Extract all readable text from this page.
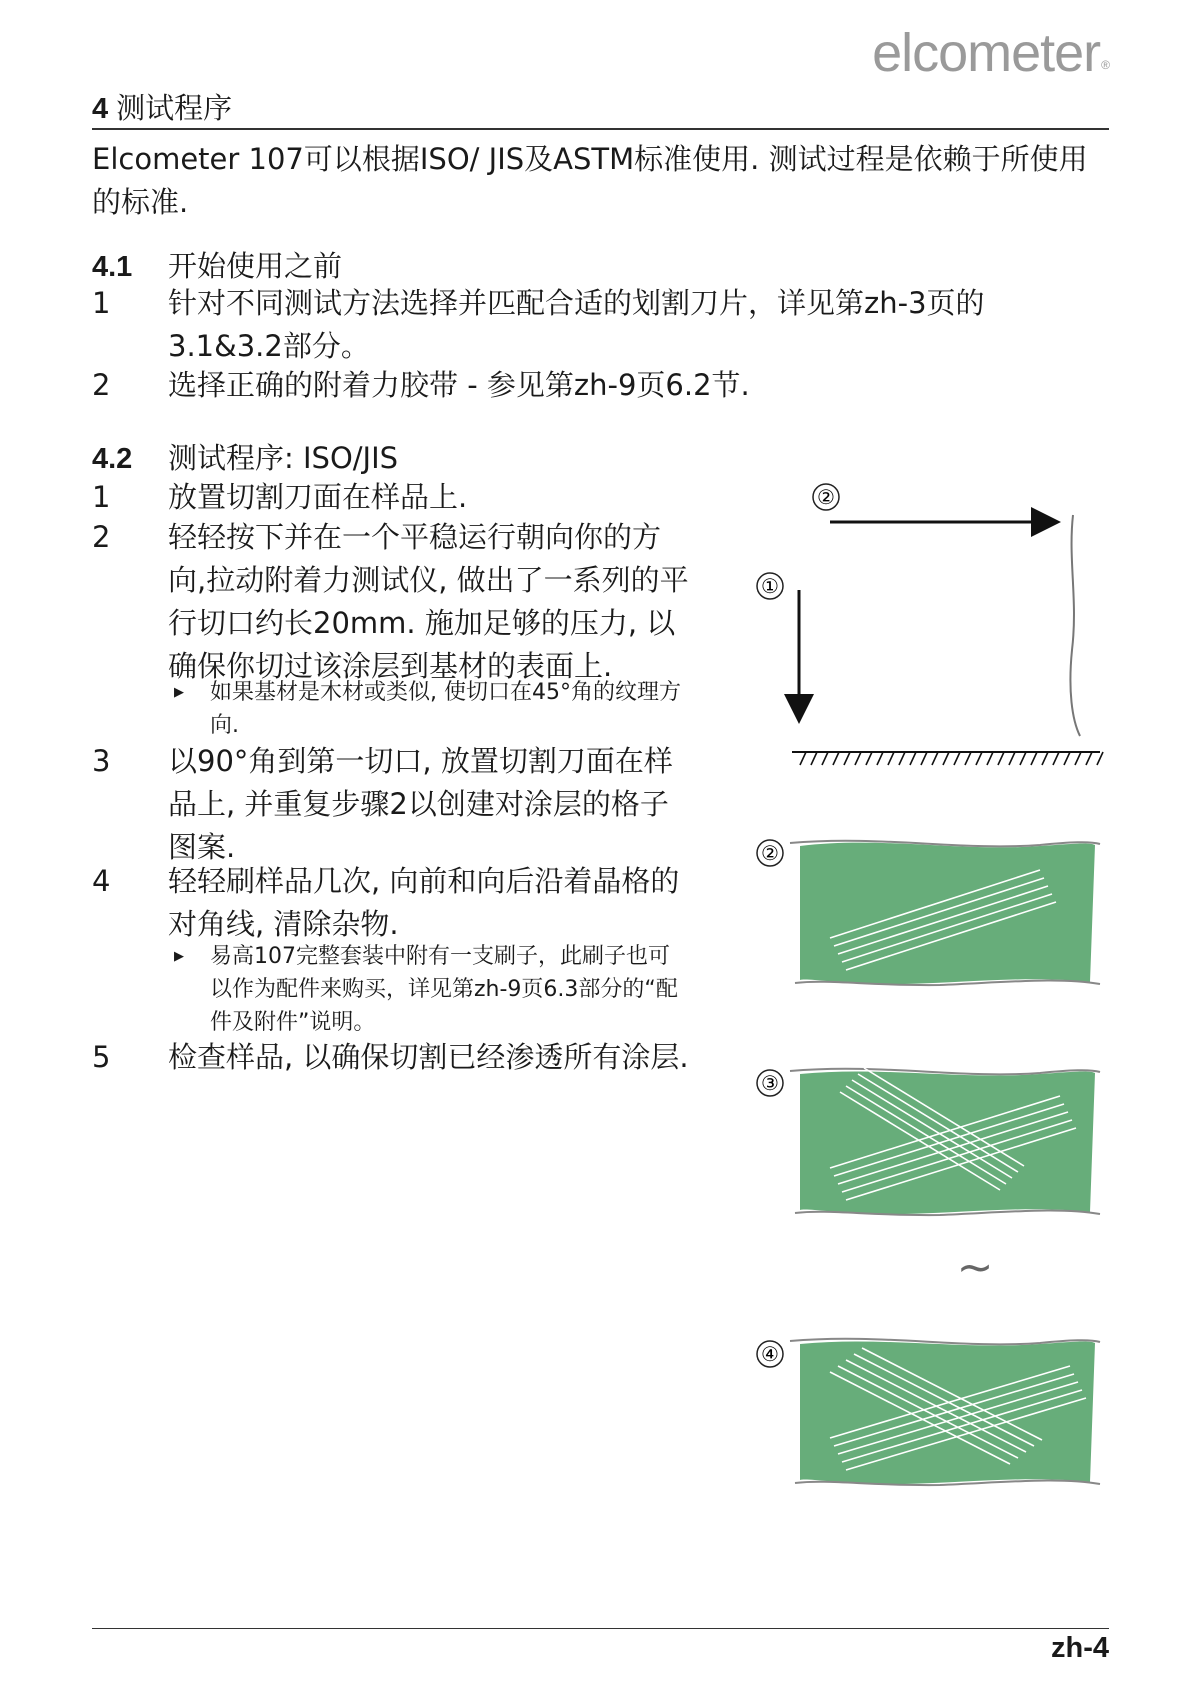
elcometer®
4 测试程序
Elcometer 107可以根据ISO/ JIS及ASTM标准使用. 测试过程是依赖于所使用的标准.
4.1 开始使用之前
1	针对不同测试方法选择并匹配合适的划割刀片，详见第zh-3页的3.1&3.2部分。
2	选择正确的附着力胶带 - 参见第zh-9页6.2节.
4.2 测试程序: ISO/JIS
1	放置切割刀面在样品上.
2	轻轻按下并在一个平稳运行朝向你的方向,拉动附着力测试仪, 做出了一系列的平行切口约长20mm. 施加足够的压力, 以确保你切过该涂层到基材的表面上.
▶ 如果基材是木材或类似, 使切口在45°角的纹理方向.
3	以90°角到第一切口, 放置切割刀面在样品上, 并重复步骤2以创建对涂层的格子图案.
4	轻轻刷样品几次, 向前和向后沿着晶格的对角线, 清除杂物.
▶ 易高107完整套装中附有一支刷子，此刷子也可以作为配件来购买，详见第zh-9页6.3部分的“配件及附件”说明。
5	检查样品, 以确保切割已经渗透所有涂层.
②
①
②
③
~
④
zh-4
